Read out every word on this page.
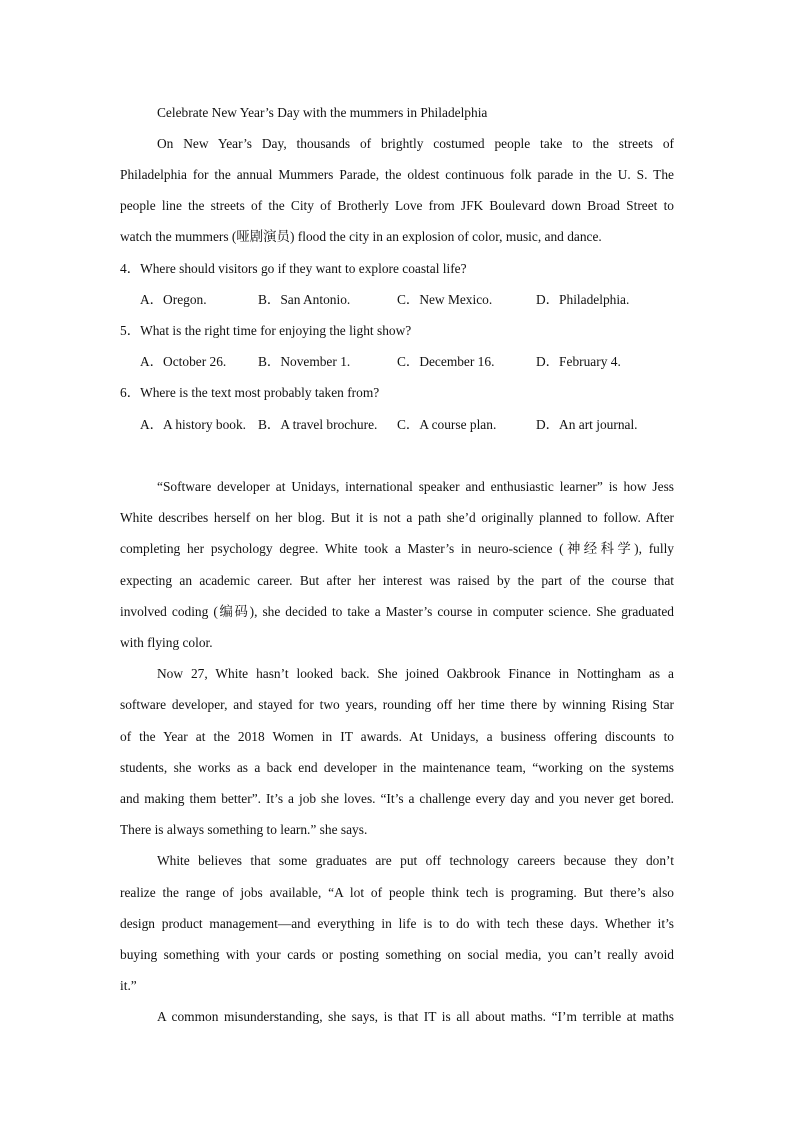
Celebrate New Year’s Day with the mummers in Philadelphia
On New Year’s Day, thousands of brightly costumed people take to the streets of
Philadelphia for the annual Mummers Parade, the oldest continuous folk parade in the U. S. The
people line the streets of the City of Brotherly Love from JFK Boulevard down Broad Street to
watch the mummers (哑剧演员) flood the city in an explosion of color, music, and dance.
4．Where should visitors go if they want to explore coastal life?
A．Oregon.	B．San Antonio.	C．New Mexico.	D．Philadelphia.
5．What is the right time for enjoying the light show?
A．October 26. B．November 1.	C．December 16.	D．February 4.
6．Where is the text most probably taken from?
A．A history book. B．A travel brochure. C．A course plan.	D．An art journal.
“Software developer at Unidays, international speaker and enthusiastic learner” is how Jess
White describes herself on her blog. But it is not a path she’d originally planned to follow. After
completing her psychology degree. White took a Master’s in neuro-science (神经科学), fully
expecting an academic career. But after her interest was raised by the part of the course that
involved coding (编码), she decided to take a Master’s course in computer science. She graduated
with flying color.
Now 27, White hasn’t looked back. She joined Oakbrook Finance in Nottingham as a
software developer, and stayed for two years, rounding off her time there by winning Rising Star
of the Year at the 2018 Women in IT awards. At Unidays, a business offering discounts to
students, she works as a back end developer in the maintenance team, “working on the systems
and making them better”. It’s a job she loves. “It’s a challenge every day and you never get bored.
There is always something to learn.” she says.
White believes that some graduates are put off technology careers because they don’t
realize the range of jobs available, “A lot of people think tech is programing. But there’s also
design product management—and everything in life is to do with tech these days. Whether it’s
buying something with your cards or posting something on social media, you can’t really avoid
it.”
A common misunderstanding, she says, is that IT is all about maths. “I’m terrible at maths
